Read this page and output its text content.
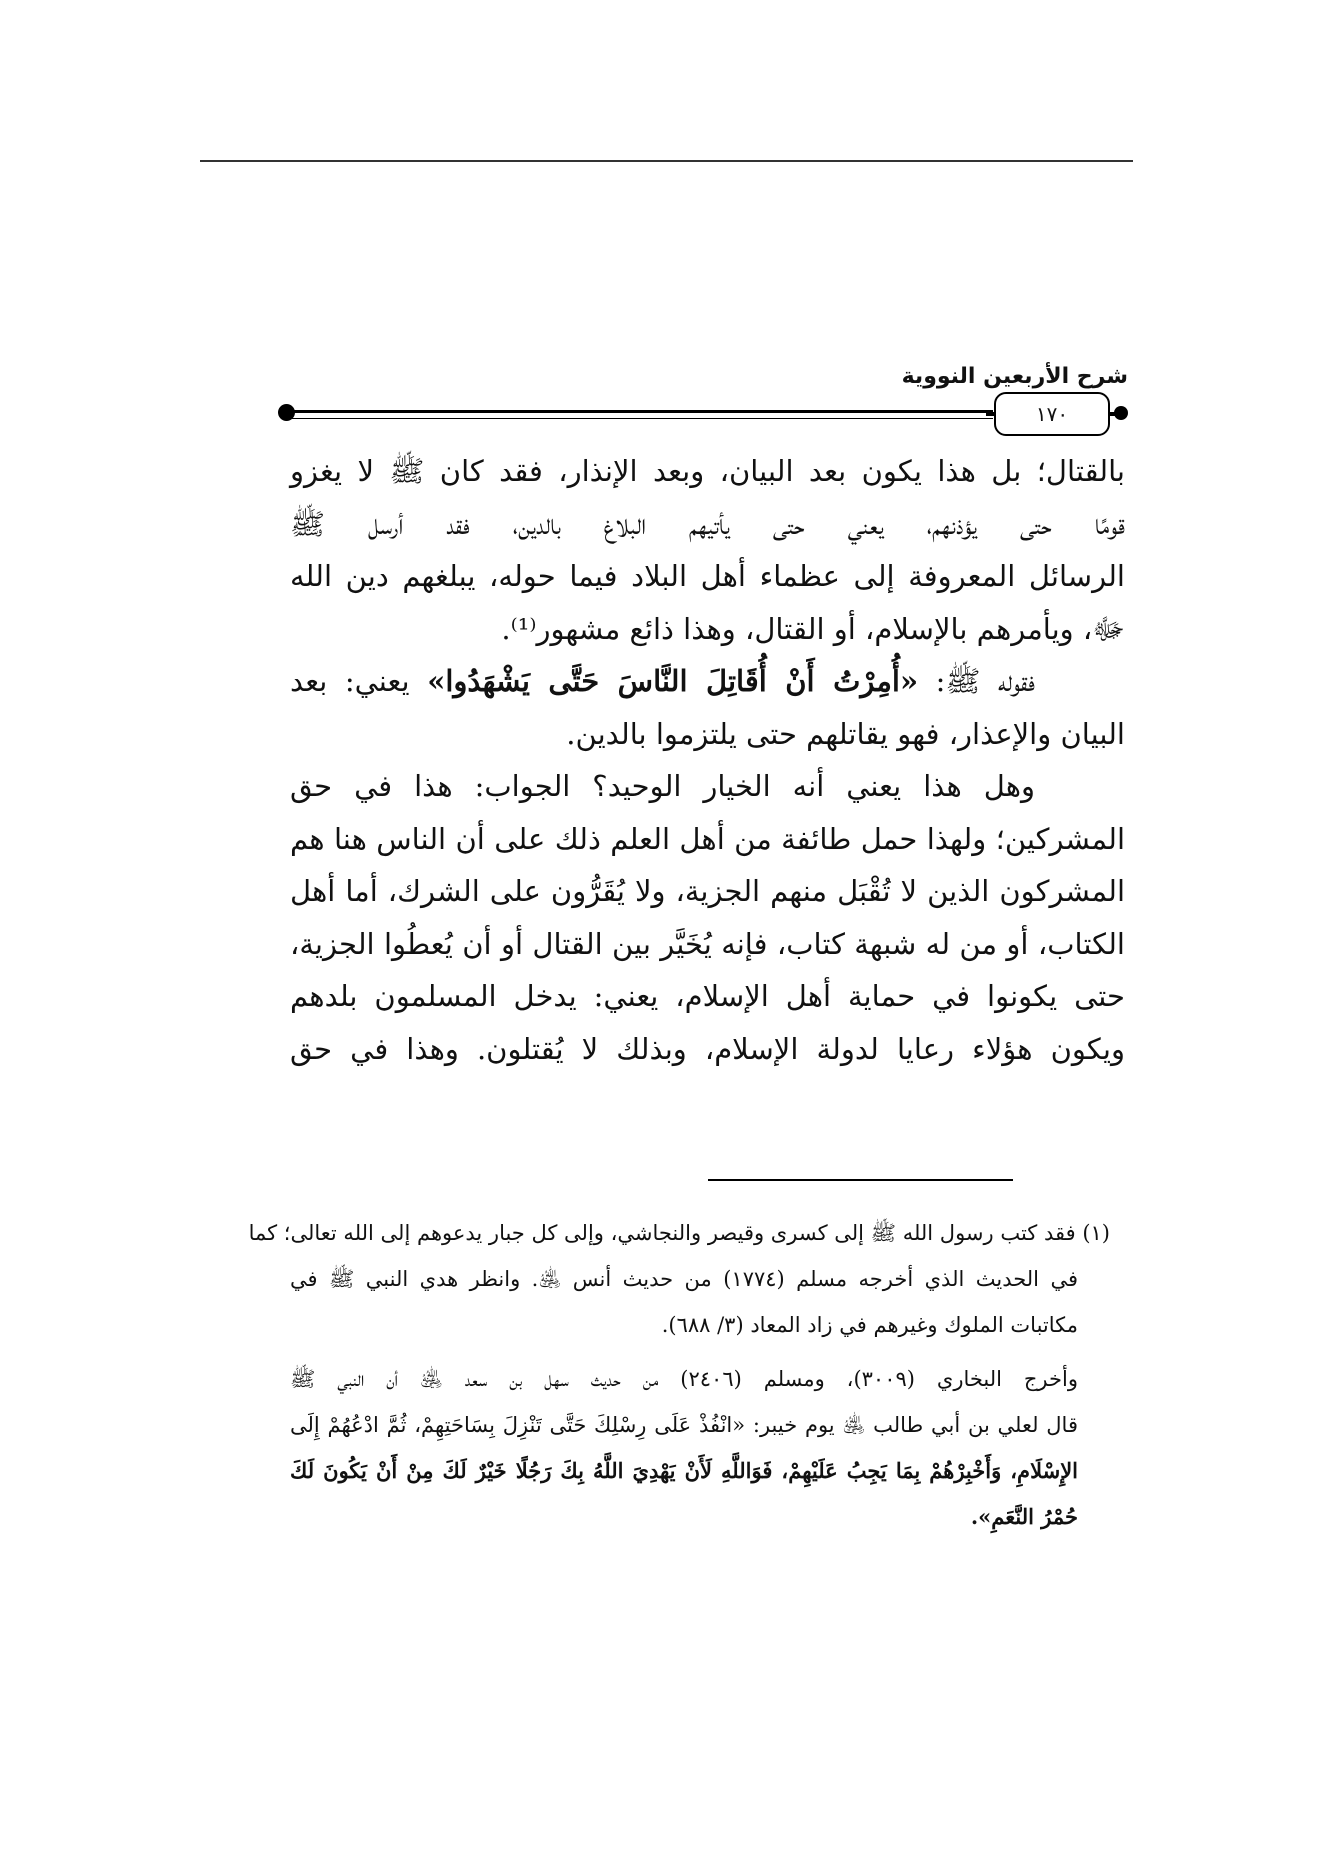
شرح الأربعين النووية
١٧٠
بالقتال؛ بل هذا يكون بعد البيان، وبعد الإنذار، فقد كان ﷺ لا يغزو
قومًا حتى يؤذنهم، يعني حتى يأتيهم البلاغ بالدين، فقد أرسل ﷺ
الرسائل المعروفة إلى عظماء أهل البلاد فيما حوله، يبلغهم دين الله
ﷻ، ويأمرهم بالإسلام، أو القتال، وهذا ذائع مشهور⁽¹⁾.
فقوله ﷺ: «أُمِرْتُ أَنْ أُقَاتِلَ النَّاسَ حَتَّى يَشْهَدُوا» يعني: بعد
البيان والإعذار، فهو يقاتلهم حتى يلتزموا بالدين.
وهل هذا يعني أنه الخيار الوحيد؟ الجواب: هذا في حق
المشركين؛ ولهذا حمل طائفة من أهل العلم ذلك على أن الناس هنا هم
المشركون الذين لا تُقْبَل منهم الجزية، ولا يُقَرُّون على الشرك، أما أهل
الكتاب، أو من له شبهة كتاب، فإنه يُخَيَّر بين القتال أو أن يُعطُوا الجزية،
حتى يكونوا في حماية أهل الإسلام، يعني: يدخل المسلمون بلدهم
ويكون هؤلاء رعايا لدولة الإسلام، وبذلك لا يُقتلون. وهذا في حق
(١) فقد كتب رسول الله ﷺ إلى كسرى وقيصر والنجاشي، وإلى كل جبار يدعوهم إلى الله تعالى؛ كما
في الحديث الذي أخرجه مسلم (١٧٧٤) من حديث أنس ﵁. وانظر هدي النبي ﷺ في
مكاتبات الملوك وغيرهم في زاد المعاد (٣/ ٦٨٨).
وأخرج البخاري (٣٠٠٩)، ومسلم (٢٤٠٦) من حديث سهل بن سعد ﵁ أن النبي ﷺ
قال لعلي بن أبي طالب ﵁ يوم خيبر: «انْفُذْ عَلَى رِسْلِكَ حَتَّى تَنْزِلَ بِسَاحَتِهِمْ، ثُمَّ ادْعُهُمْ إِلَى
الإِسْلَامِ، وَأَخْبِرْهُمْ بِمَا يَجِبُ عَلَيْهِمْ، فَوَاللَّهِ لَأَنْ يَهْدِيَ اللَّهُ بِكَ رَجُلًا خَيْرٌ لَكَ مِنْ أَنْ يَكُونَ لَكَ
حُمْرُ النَّعَمِ».
